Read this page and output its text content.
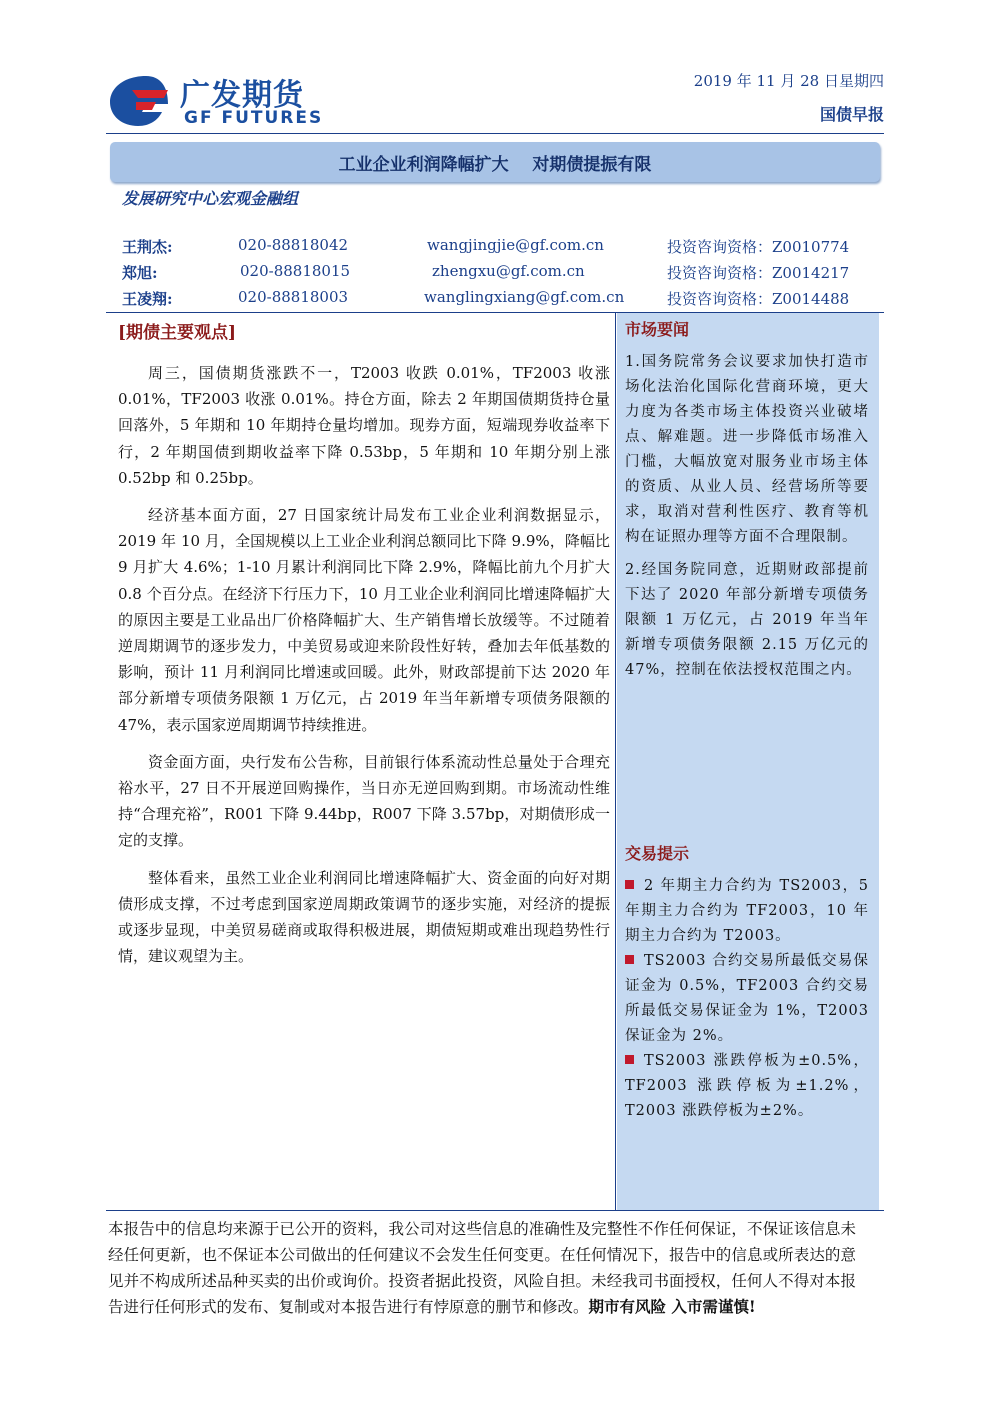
广发期货
GF FUTURES
2019 年 11 月 28 日星期四
国债早报
工业企业利润降幅扩大    对期债提振有限
发展研究中心宏观金融组
王荆杰:	020-88818042	wangjingjie@gf.com.cn	投资咨询资格：Z0010774
郑旭:	020-88818015	zhengxu@gf.com.cn	投资咨询资格：Z0014217
王凌翔:	020-88818003	wanglingxiang@gf.com.cn	投资咨询资格：Z0014488
[期债主要观点]

周三，国债期货涨跌不一，T2003 收跌 0.01%，TF2003 收涨 0.01%，TF2003 收涨 0.01%。持仓方面，除去 2 年期国债期货持仓量回落外，5 年期和 10 年期持仓量均增加。现券方面，短端现券收益率下行，2 年期国债到期收益率下降 0.53bp，5 年期和 10 年期分别上涨 0.52bp 和 0.25bp。

经济基本面方面，27 日国家统计局发布工业企业利润数据显示，2019 年 10 月，全国规模以上工业企业利润总额同比下降 9.9%，降幅比 9 月扩大 4.6%；1-10 月累计利润同比下降 2.9%，降幅比前九个月扩大 0.8 个百分点。在经济下行压力下，10 月工业企业利润同比增速降幅扩大的原因主要是工业品出厂价格降幅扩大、生产销售增长放缓等。不过随着逆周期调节的逐步发力，中美贸易或迎来阶段性好转，叠加去年低基数的影响，预计 11 月利润同比增速或回暖。此外，财政部提前下达 2020 年部分新增专项债务限额 1 万亿元，占 2019 年当年新增专项债务限额的 47%，表示国家逆周期调节持续推进。

资金面方面，央行发布公告称，目前银行体系流动性总量处于合理充裕水平，27 日不开展逆回购操作，当日亦无逆回购到期。市场流动性维持“合理充裕”，R001 下降 9.44bp，R007 下降 3.57bp，对期债形成一定的支撑。

整体看来，虽然工业企业利润同比增速降幅扩大、资金面的向好对期债形成支撑，不过考虑到国家逆周期政策调节的逐步实施，对经济的提振或逐步显现，中美贸易磋商或取得积极进展，期债短期或难出现趋势性行情，建议观望为主。

市场要闻

1.国务院常务会议要求加快打造市场化法治化国际化营商环境，更大力度为各类市场主体投资兴业破堵点、解难题。进一步降低市场准入门槛，大幅放宽对服务业市场主体的资质、从业人员、经营场所等要求，取消对营利性医疗、教育等机构在证照办理等方面不合理限制。

2.经国务院同意，近期财政部提前下达了 2020 年部分新增专项债务限额 1 万亿元，占 2019 年当年新增专项债务限额 2.15 万亿元的 47%，控制在依法授权范围之内。

交易提示

2 年期主力合约为 TS2003，5 年期主力合约为 TF2003，10 年期主力合约为 T2003。

TS2003 合约交易所最低交易保证金为 0.5%，TF2003 合约交易所最低交易保证金为 1%，T2003 保证金为 2%。

TS2003 涨跌停板为±0.5%，TF2003 涨跌停板为±1.2%，T2003 涨跌停板为±2%。

本报告中的信息均来源于已公开的资料，我公司对这些信息的准确性及完整性不作任何保证，不保证该信息未经任何更新，也不保证本公司做出的任何建议不会发生任何变更。在任何情况下，报告中的信息或所表达的意见并不构成所述品种买卖的出价或询价。投资者据此投资，风险自担。未经我司书面授权，任何人不得对本报告进行任何形式的发布、复制或对本报告进行有悖原意的删节和修改。期市有风险 入市需谨慎!
